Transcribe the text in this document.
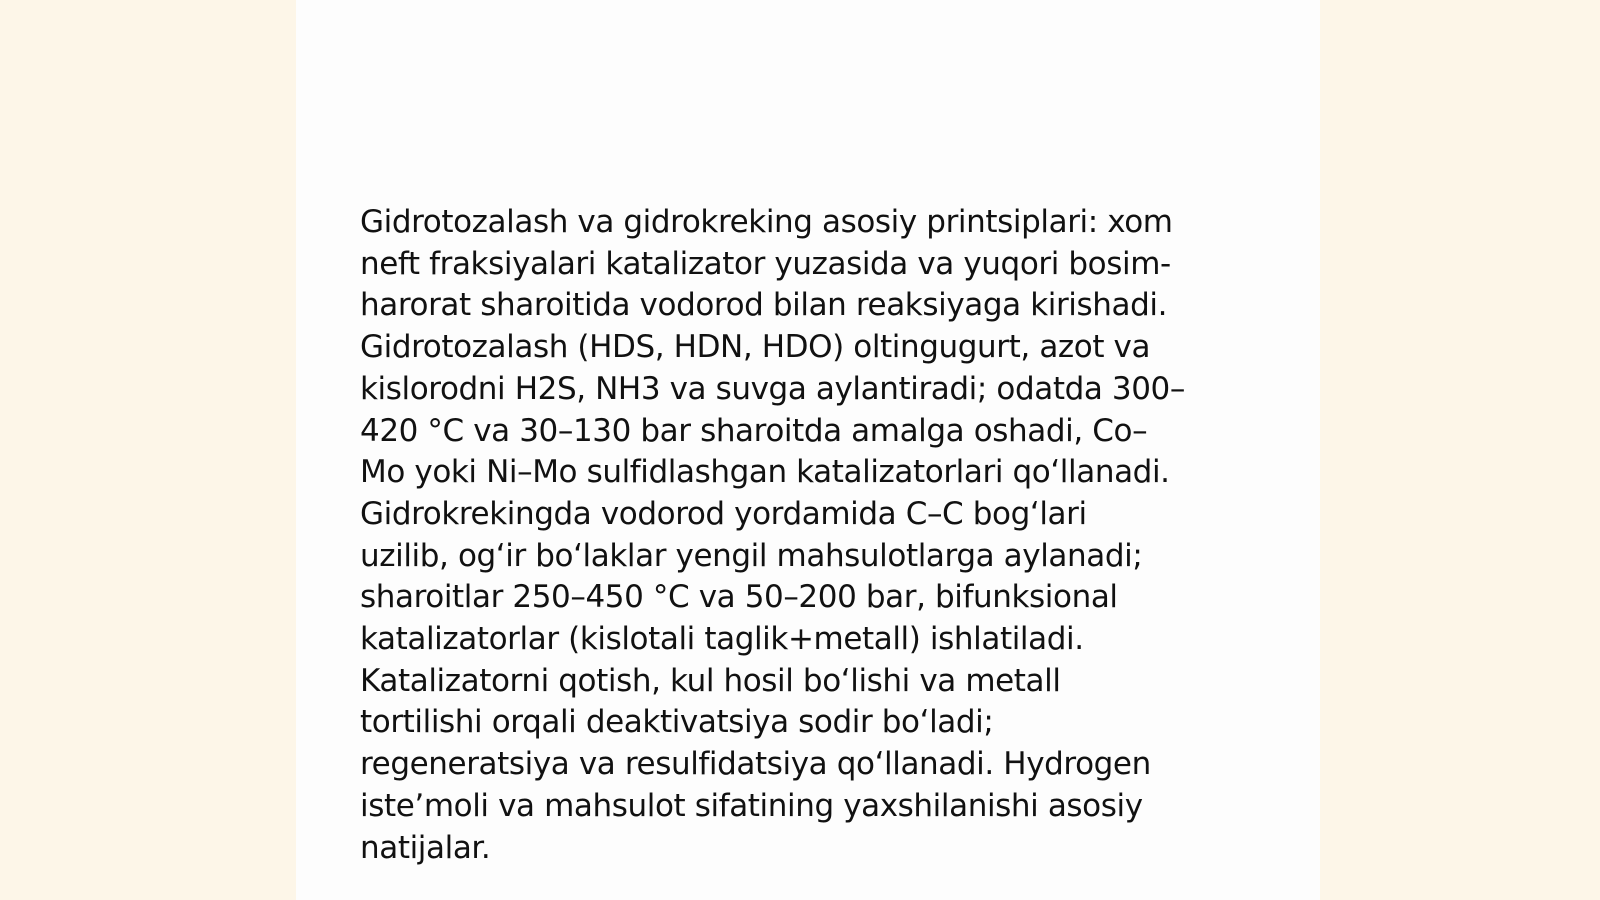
Gidrotozalash va gidrokreking asosiy printsiplari: xom
neft fraksiyalari katalizator yuzasida va yuqori bosim-
harorat sharoitida vodorod bilan reaksiyaga kirishadi.
Gidrotozalash (HDS, HDN, HDO) oltingugurt, azot va
kislorodni H2S, NH3 va suvga aylantiradi; odatda 300–
420 °C va 30–130 bar sharoitda amalga oshadi, Co–
Mo yoki Ni–Mo sulfidlashgan katalizatorlari qoʻllanadi.
Gidrokrekingda vodorod yordamida C–C bogʻlari
uzilib, ogʻir boʻlaklar yengil mahsulotlarga aylanadi;
sharoitlar 250–450 °C va 50–200 bar, bifunksional
katalizatorlar (kislotali taglik+metall) ishlatiladi.
Katalizatorni qotish, kul hosil boʻlishi va metall
tortilishi orqali deaktivatsiya sodir boʻladi;
regeneratsiya va resulfidatsiya qoʻllanadi. Hydrogen
isteʼmoli va mahsulot sifatining yaxshilanishi asosiy
natijalar.
